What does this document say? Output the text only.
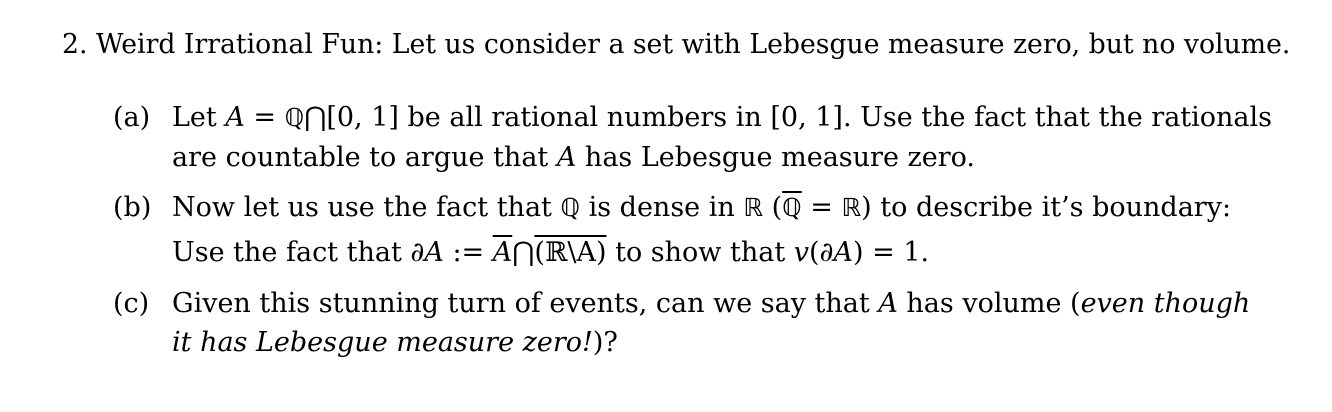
2. Weird Irrational Fun: Let us consider a set with Lebesgue measure zero, but no volume.
(a) Let A = ℚ⋂[0, 1] be all rational numbers in [0, 1]. Use the fact that the rationals
are countable to argue that A has Lebesgue measure zero.
(b) Now let us use the fact that ℚ is dense in ℝ (ℚ = ℝ) to describe it’s boundary:
Use the fact that ∂A := $\overline{A}⋂(ℝ\backslash A)$ to show that v(∂A) = 1.
(c) Given this stunning turn of events, can we say that A has volume (even though
it has Lebesgue measure zero!)?
